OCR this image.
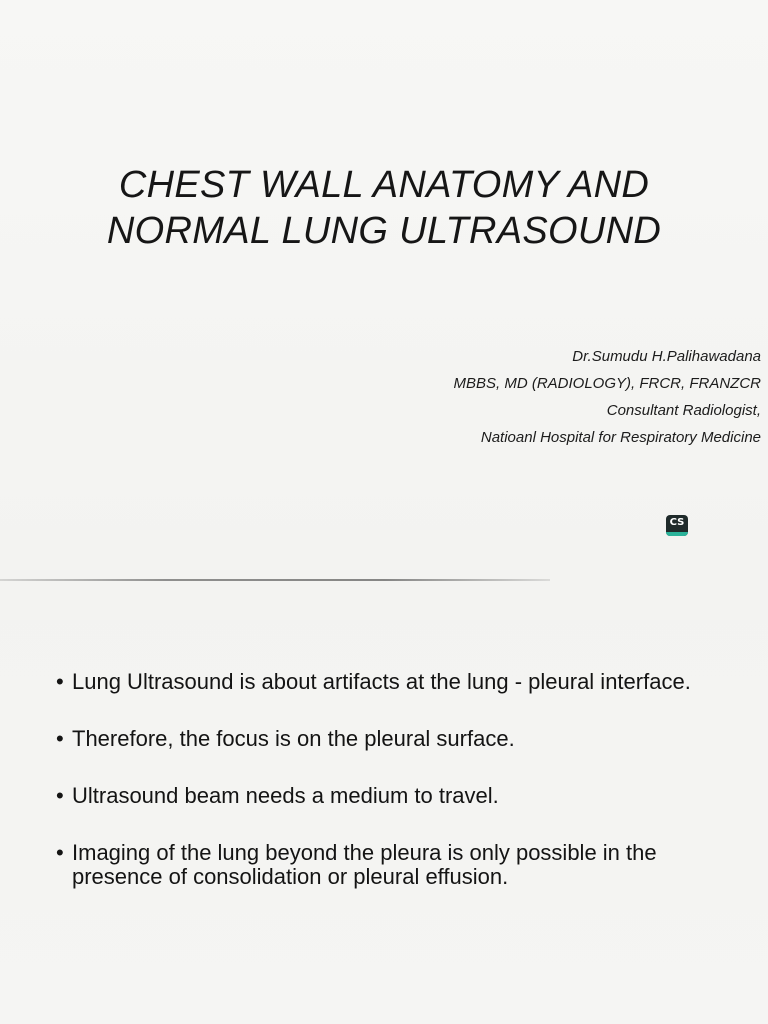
CHEST WALL ANATOMY AND
NORMAL LUNG ULTRASOUND
Dr.Sumudu H.Palihawadana
MBBS, MD (RADIOLOGY), FRCR, FRANZCR
Consultant Radiologist,
Natioanl Hospital for Respiratory Medicine
CS
• Lung Ultrasound is about artifacts at the lung - pleural interface.
• Therefore, the focus is on the pleural surface.
• Ultrasound beam needs a medium to travel.
• Imaging of the lung beyond the pleura is only possible in the presence of consolidation or pleural effusion.
